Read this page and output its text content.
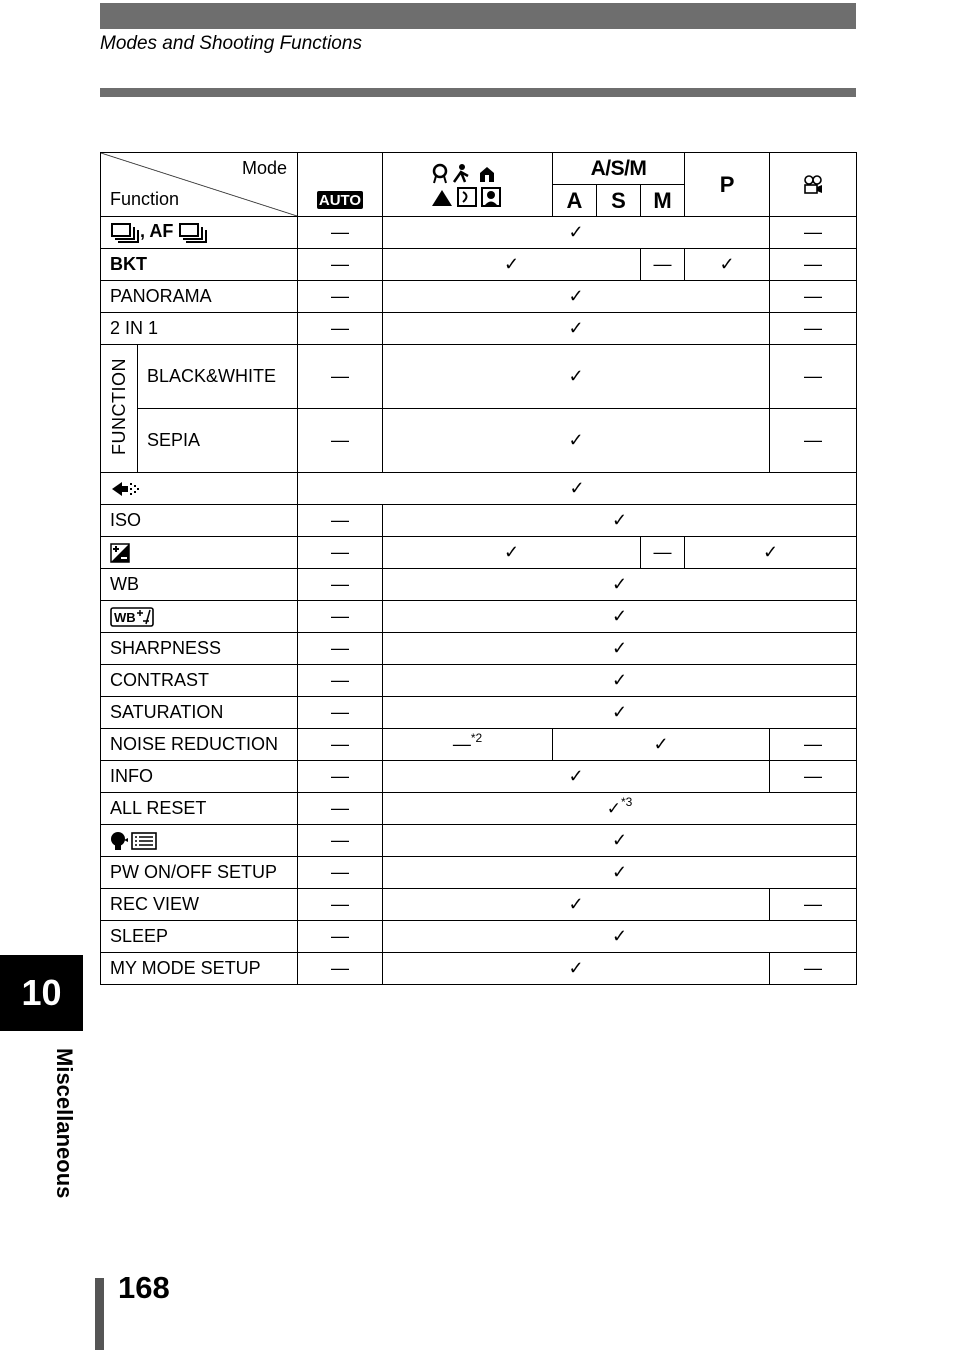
Modes and Shooting Functions
Mode
Function		AUTO		A/S/M			P	
				A	S	M		
, AF		—	✓					—
BKT		—	✓			—	✓	—
PANORAMA		—	✓					—
2 IN 1		—	✓					—
FUNCTION	BLACK&WHITE	—	✓					—
	SEPIA	—	✓					—
	✓						
ISO		—	✓					
	—	✓			—	✓	
WB		—	✓					

WB		—	✓					
SHARPNESS		—	✓					
CONTRAST		—	✓					
SATURATION		—	✓					
NOISE REDUCTION		—	—$^{*2}$	✓				—
INFO		—	✓					—
ALL RESET		—	✓$^{*3}$
	—	✓					
PW ON/OFF SETUP		—	✓					
REC VIEW		—	✓					—
SLEEP		—	✓					
MY MODE SETUP		—	✓					—
10
Miscellaneous
168
